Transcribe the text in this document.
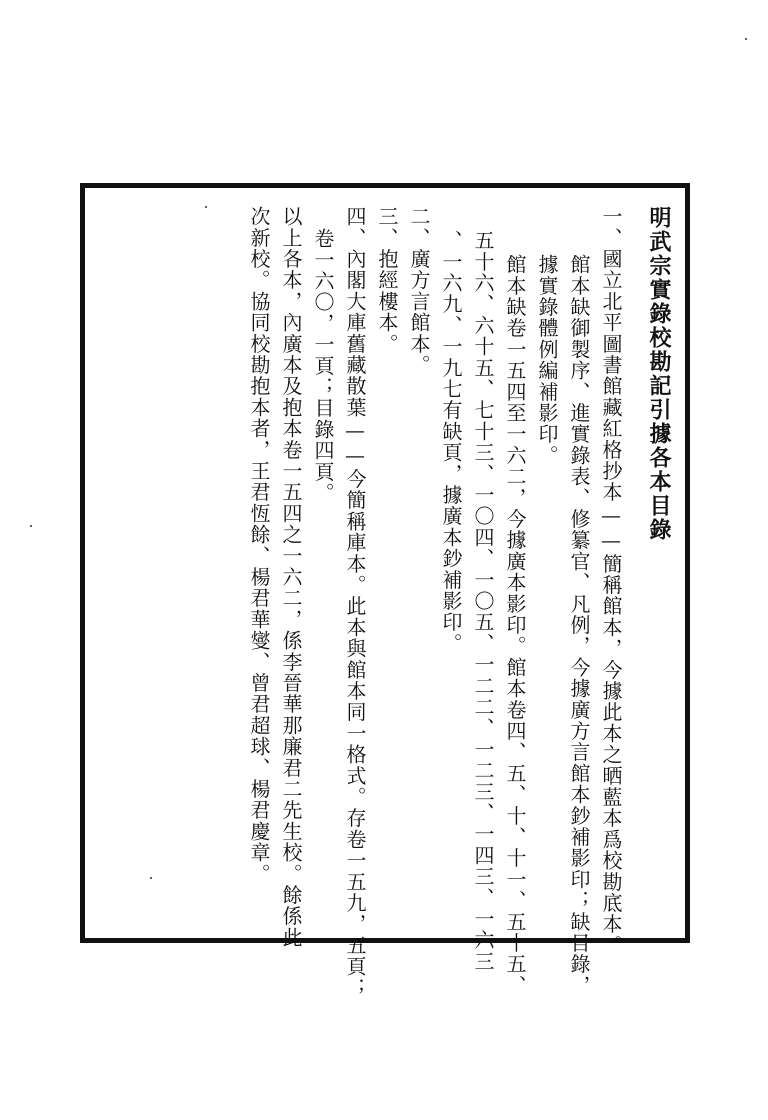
明武宗實錄校勘記引據各本目錄
一、國立北平圖書館藏紅格抄本——簡稱館本，今據此本之晒藍本爲校勘底本。
館本缺御製序、進實錄表、修纂官、凡例，今據廣方言館本鈔補影印；缺目錄，
據實錄體例編補影印。
館本缺卷一五四至一六二，今據廣本影印。館本卷四、五、十、十一、五十五、
五十六、六十五、七十三、一〇四、一〇五、一二二、一二三、一四三、一六三
、一六九、一九七有缺頁，據廣本鈔補影印。
二、廣方言館本。
三、抱經樓本。
四、內閣大庫舊藏散葉——今簡稱庫本。此本與館本同一格式。存卷一五九，五頁；
卷一六〇，一頁；目錄四頁。
以上各本，內廣本及抱本卷一五四之一六二，係李晉華那廉君二先生校。餘係此
次新校。協同校勘抱本者，王君恆餘、楊君華燮、曾君超球、楊君慶章。
